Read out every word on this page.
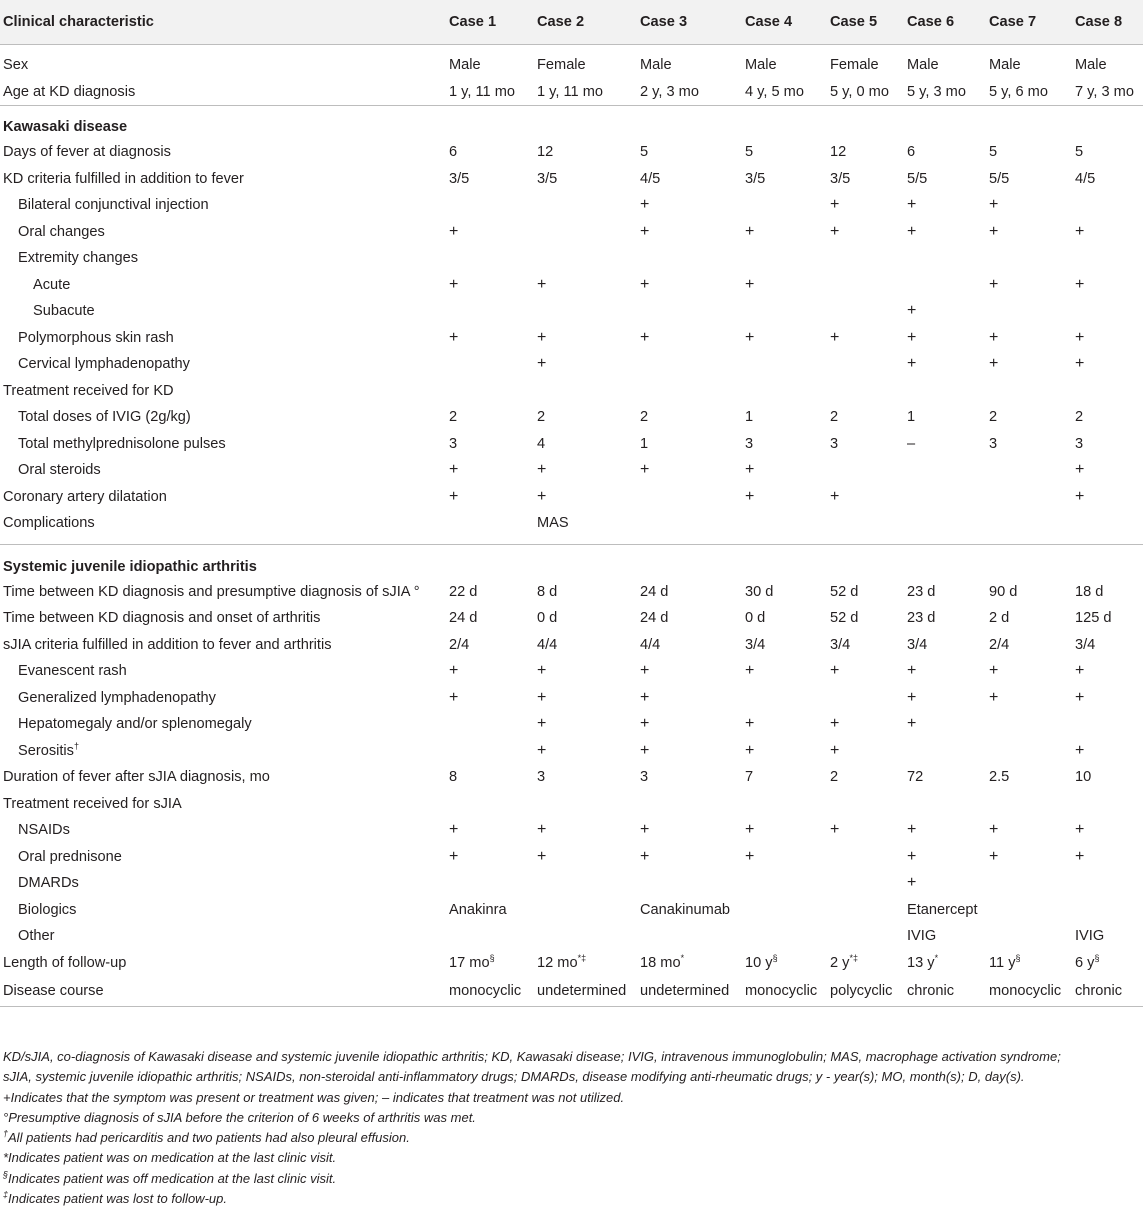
Clinical characteristic	Case 1	Case 2	Case 3	Case 4	Case 5	Case 6	Case 7	Case 8

Sex	Male	Female	Male	Male	Female	Male	Male	Male
Age at KD diagnosis	1 y, 11 mo	1 y, 11 mo	2 y, 3 mo	4 y, 5 mo	5 y, 0 mo	5 y, 3 mo	5 y, 6 mo	7 y, 3 mo
Kawasaki disease								
Days of fever at diagnosis	6	12	5	5	12	6	5	5
KD criteria fulfilled in addition to fever	3/5	3/5	4/5	3/5	3/5	5/5	5/5	4/5
Bilateral conjunctival injection			+		+	+	+	
Oral changes	+		+	+	+	+	+	+
Extremity changes								
Acute	+	+	+	+			+	+
Subacute						+		
Polymorphous skin rash	+	+	+	+	+	+	+	+
Cervical lymphadenopathy		+				+	+	+
Treatment received for KD								
Total doses of IVIG (2g/kg)	2	2	2	1	2	1	2	2
Total methylprednisolone pulses	3	4	1	3	3	–	3	3
Oral steroids	+	+	+	+				+
Coronary artery dilatation	+	+		+	+			+
Complications		MAS						

Systemic juvenile idiopathic arthritis								
Time between KD diagnosis and presumptive diagnosis of sJIA °	22 d	8 d	24 d	30 d	52 d	23 d	90 d	18 d
Time between KD diagnosis and onset of arthritis	24 d	0 d	24 d	0 d	52 d	23 d	2 d	125 d
sJIA criteria fulfilled in addition to fever and arthritis	2/4	4/4	4/4	3/4	3/4	3/4	2/4	3/4
Evanescent rash	+	+	+	+	+	+	+	+
Generalized lymphadenopathy	+	+	+			+	+	+
Hepatomegaly and/or splenomegaly		+	+	+	+	+		
Serositis†		+	+	+	+			+
Duration of fever after sJIA diagnosis, mo	8	3	3	7	2	72	2.5	10
Treatment received for sJIA								
NSAIDs	+	+	+	+	+	+	+	+
Oral prednisone	+	+	+	+		+	+	+
DMARDs						+		
Biologics	Anakinra		Canakinumab			Etanercept		
Other						IVIG		IVIG
Length of follow-up	17 mo§	12 mo*‡	18 mo*	10 y§	2 y*‡	13 y*	11 y§	6 y§
Disease course	monocyclic	undetermined	undetermined	monocyclic	polycyclic	chronic	monocyclic	chronic
KD/sJIA, co-diagnosis of Kawasaki disease and systemic juvenile idiopathic arthritis; KD, Kawasaki disease; IVIG, intravenous immunoglobulin; MAS, macrophage activation syndrome;
sJIA, systemic juvenile idiopathic arthritis; NSAIDs, non-steroidal anti-inflammatory drugs; DMARDs, disease modifying anti-rheumatic drugs; y - year(s); MO, month(s); D, day(s).
+Indicates that the symptom was present or treatment was given; – indicates that treatment was not utilized.
°Presumptive diagnosis of sJIA before the criterion of 6 weeks of arthritis was met.
†All patients had pericarditis and two patients had also pleural effusion.
*Indicates patient was on medication at the last clinic visit.
§Indicates patient was off medication at the last clinic visit.
‡Indicates patient was lost to follow-up.
